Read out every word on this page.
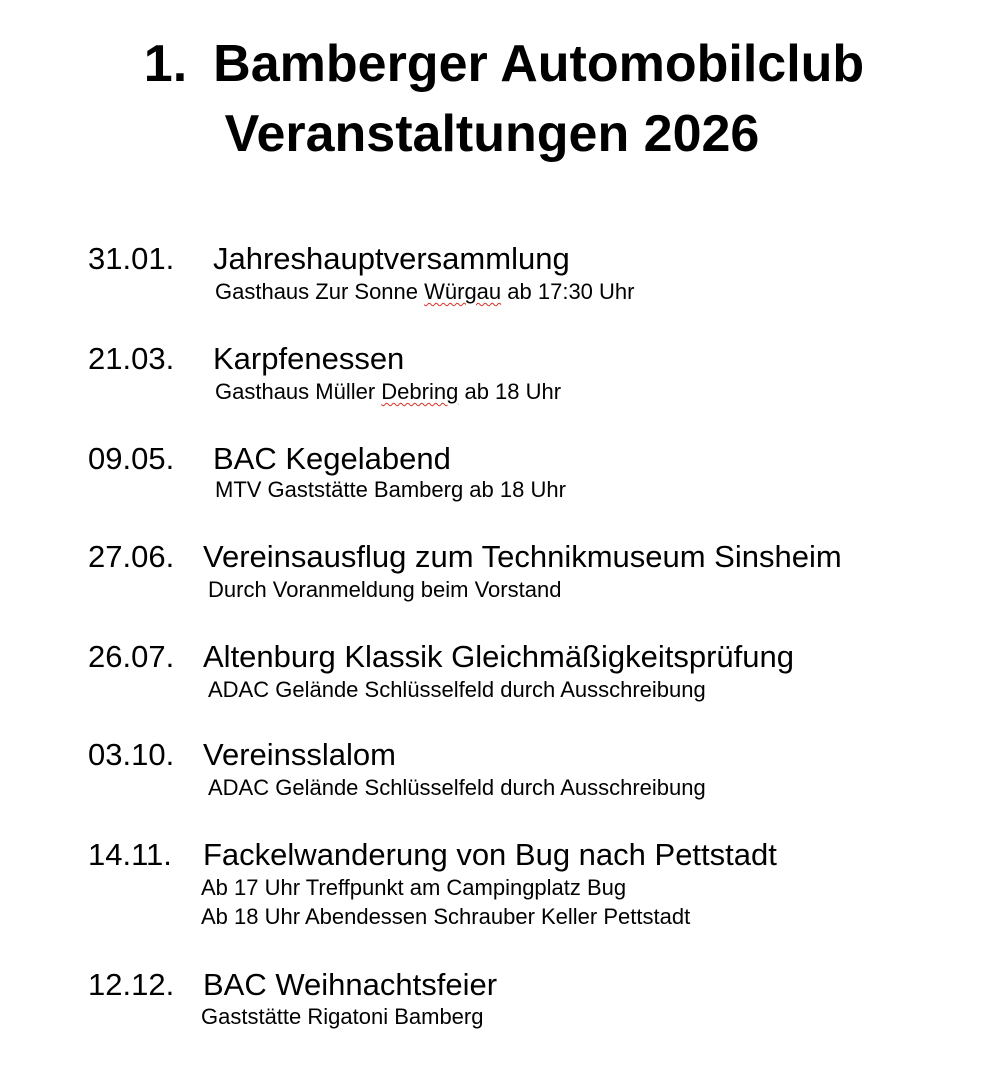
1. Bamberger Automobilclub
Veranstaltungen 2026
31.01. Jahreshauptversammlung
Gasthaus Zur Sonne Würgau ab 17:30 Uhr
21.03. Karpfenessen
Gasthaus Müller Debring ab 18 Uhr
09.05. BAC Kegelabend
MTV Gaststätte Bamberg ab 18 Uhr
27.06. Vereinsausflug zum Technikmuseum Sinsheim
Durch Voranmeldung beim Vorstand
26.07. Altenburg Klassik Gleichmäßigkeitsprüfung
ADAC Gelände Schlüsselfeld durch Ausschreibung
03.10. Vereinsslalom
ADAC Gelände Schlüsselfeld durch Ausschreibung
14.11. Fackelwanderung von Bug nach Pettstadt
Ab 17 Uhr Treffpunkt am Campingplatz Bug
Ab 18 Uhr Abendessen Schrauber Keller Pettstadt
12.12. BAC Weihnachtsfeier
Gaststätte Rigatoni Bamberg
